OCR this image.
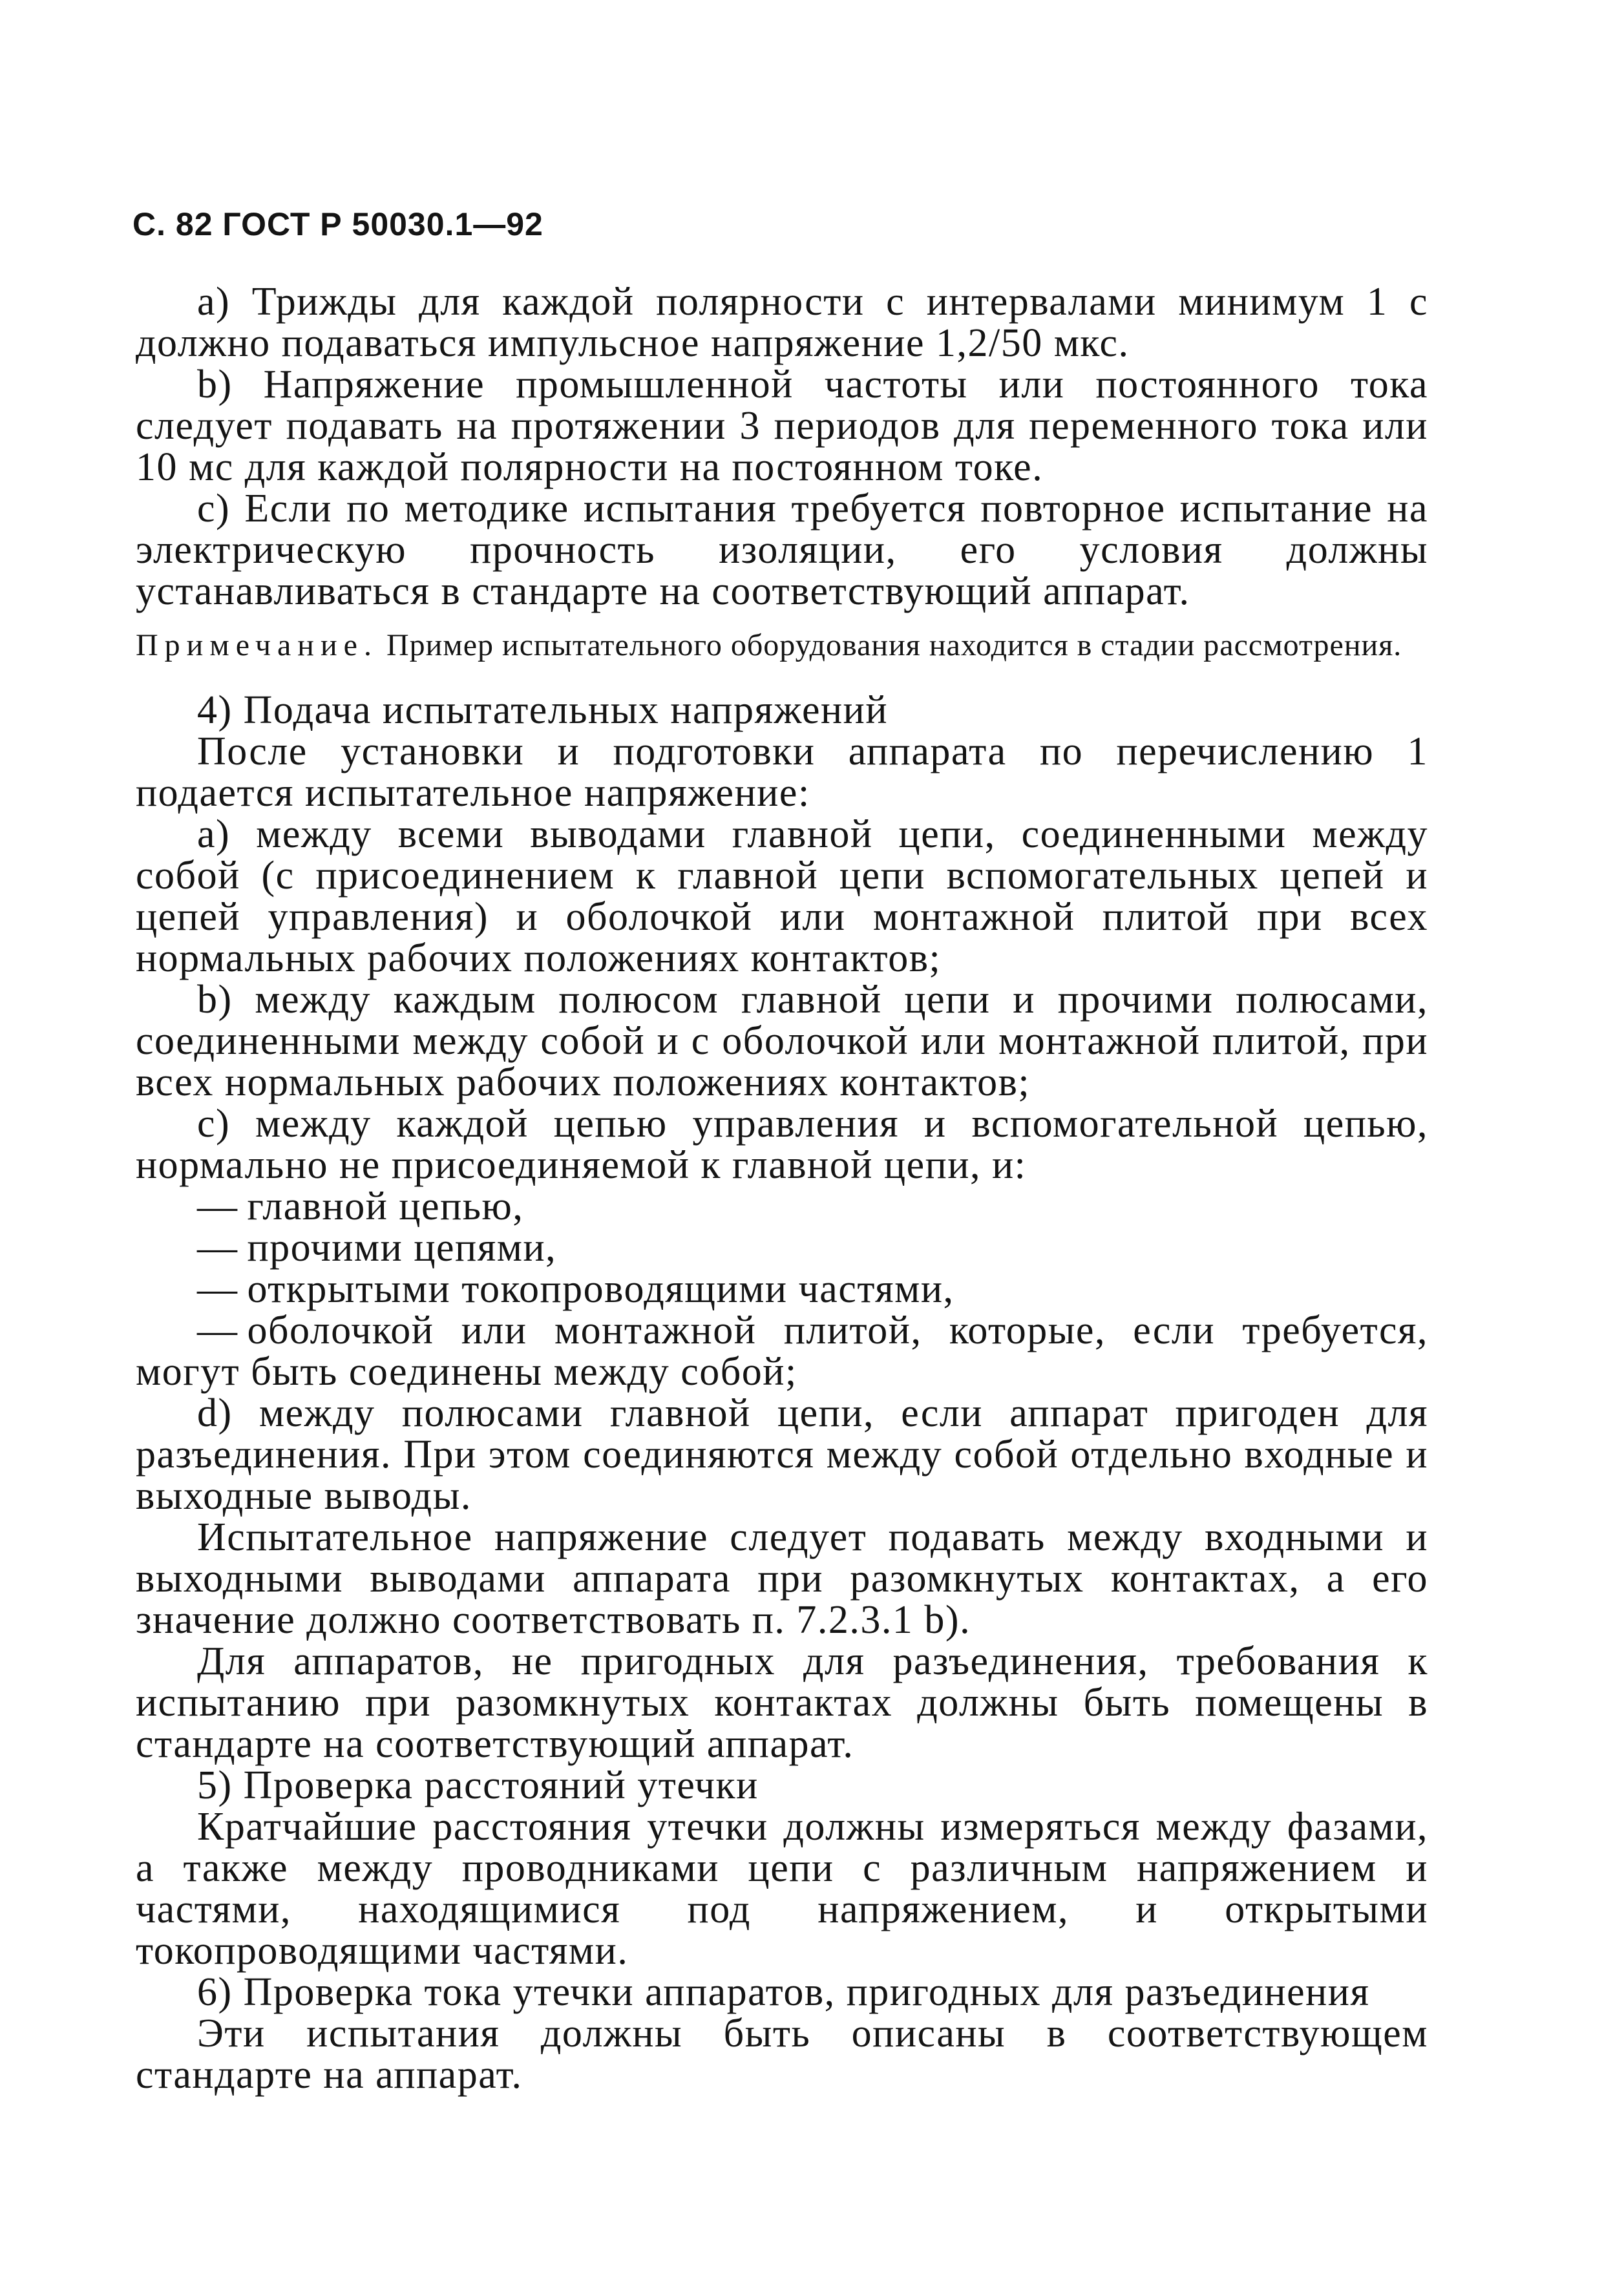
С. 82 ГОСТ Р 50030.1—92

а) Трижды для каждой полярности с интервалами минимум 1 с должно подаваться импульсное напряжение 1,2/50 мкс.

b) Напряжение промышленной частоты или постоянного тока следует подавать на протяжении 3 периодов для переменного тока или 10 мс для каждой полярности на постоянном токе.

c) Если по методике испытания требуется повторное испытание на электрическую прочность изоляции, его условия должны устанавливаться в стандарте на соответствующий аппарат.

Примечание. Пример испытательного оборудования находится в стадии рассмотрения.

4) Подача испытательных напряжений

После установки и подготовки аппарата по перечислению 1 подается испытательное напряжение:

а) между всеми выводами главной цепи, соединенными между собой (с присоединением к главной цепи вспомогательных цепей и цепей управления) и оболочкой или монтажной плитой при всех нормальных рабочих положениях контактов;

b) между каждым полюсом главной цепи и прочими полюсами, соединенными между собой и с оболочкой или монтажной плитой, при всех нормальных рабочих положениях контактов;

c) между каждой цепью управления и вспомогательной цепью, нормально не присоединяемой к главной цепи, и:

— главной цепью,

— прочими цепями,

— открытыми токопроводящими частями,

— оболочкой или монтажной плитой, которые, если требуется, могут быть соединены между собой;

d) между полюсами главной цепи, если аппарат пригоден для разъединения. При этом соединяются между собой отдельно входные и выходные выводы.

Испытательное напряжение следует подавать между входными и выходными выводами аппарата при разомкнутых контактах, а его значение должно соответствовать п. 7.2.3.1 b).

Для аппаратов, не пригодных для разъединения, требования к испытанию при разомкнутых контактах должны быть помещены в стандарте на соответствующий аппарат.

5) Проверка расстояний утечки

Кратчайшие расстояния утечки должны измеряться между фазами, а также между проводниками цепи с различным напряжением и частями, находящимися под напряжением, и открытыми токопроводящими частями.

6) Проверка тока утечки аппаратов, пригодных для разъединения

Эти испытания должны быть описаны в соответствующем стандарте на аппарат.
